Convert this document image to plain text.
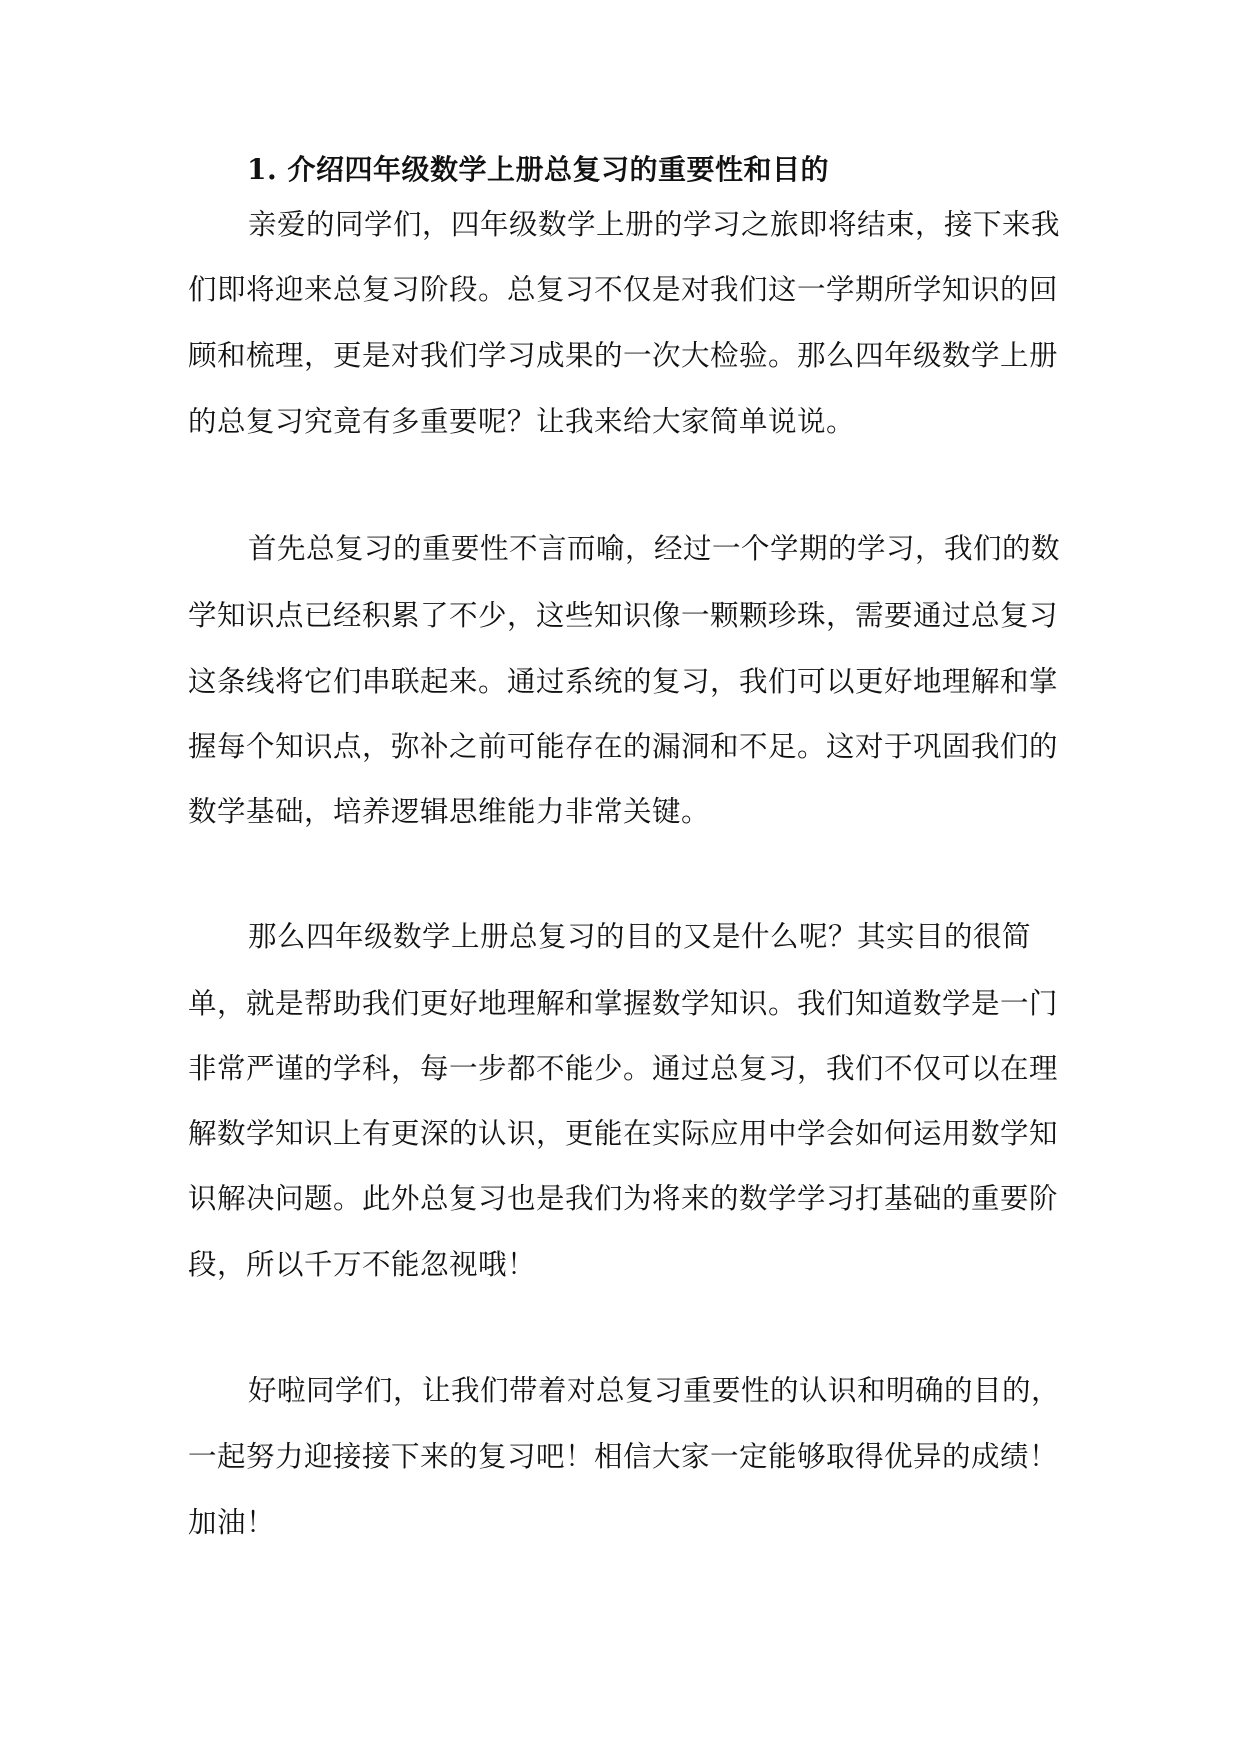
1. 介绍四年级数学上册总复习的重要性和目的

亲爱的同学们，四年级数学上册的学习之旅即将结束，接下来我

们即将迎来总复习阶段。总复习不仅是对我们这一学期所学知识的回

顾和梳理，更是对我们学习成果的一次大检验。那么四年级数学上册

的总复习究竟有多重要呢？让我来给大家简单说说。

首先总复习的重要性不言而喻，经过一个学期的学习，我们的数

学知识点已经积累了不少，这些知识像一颗颗珍珠，需要通过总复习

这条线将它们串联起来。通过系统的复习，我们可以更好地理解和掌

握每个知识点，弥补之前可能存在的漏洞和不足。这对于巩固我们的

数学基础，培养逻辑思维能力非常关键。

那么四年级数学上册总复习的目的又是什么呢？其实目的很简

单，就是帮助我们更好地理解和掌握数学知识。我们知道数学是一门

非常严谨的学科，每一步都不能少。通过总复习，我们不仅可以在理

解数学知识上有更深的认识，更能在实际应用中学会如何运用数学知

识解决问题。此外总复习也是我们为将来的数学学习打基础的重要阶

段，所以千万不能忽视哦！

好啦同学们，让我们带着对总复习重要性的认识和明确的目的，

一起努力迎接接下来的复习吧！相信大家一定能够取得优异的成绩！

加油！
